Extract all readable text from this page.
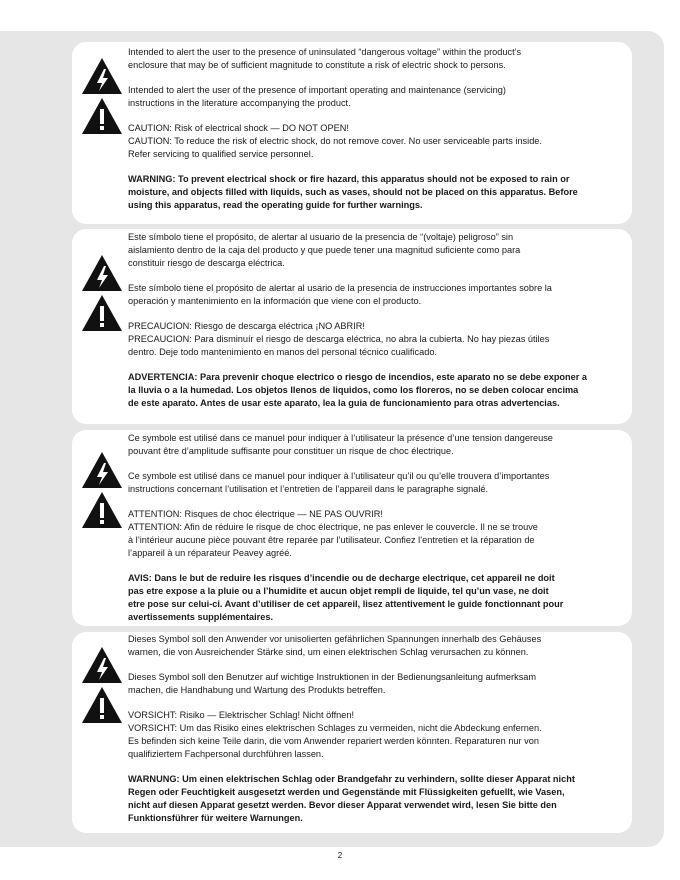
Intended to alert the user to the presence of uninsulated “dangerous voltage” within the product’s
enclosure that may be of sufficient magnitude to constitute a risk of electric shock to persons.

Intended to alert the user of the presence of important operating and maintenance (servicing)
instructions in the literature accompanying the product.

CAUTION: Risk of electrical shock — DO NOT OPEN!
CAUTION: To reduce the risk of electric shock, do not remove cover. No user serviceable parts inside.
Refer servicing to qualified service personnel.

WARNING: To prevent electrical shock or fire hazard, this apparatus should not be exposed to rain or
moisture, and objects filled with liquids, such as vases, should not be placed on this apparatus. Before
using this apparatus, read the operating guide for further warnings.

Este símbolo tiene el propósito, de alertar al usuario de la presencia de “(voltaje) peligroso” sin
aislamiento dentro de la caja del producto y que puede tener una magnitud suficiente como para
constituir riesgo de descarga eléctrica.

Este símbolo tiene el propósito de alertar al usario de la presencia de instrucciones importantes sobre la
operación y mantenimiento en la información que viene con el producto.

PRECAUCION: Riesgo de descarga eléctrica ¡NO ABRIR!
PRECAUCION: Para disminuír el riesgo de descarga eléctrica, no abra la cubierta. No hay piezas útiles
dentro. Deje todo mantenimiento en manos del personal técnico cualificado.

ADVERTENCIA: Para prevenir choque electrico o riesgo de incendios, este aparato no se debe exponer a
la lluvia o a la humedad. Los objetos llenos de liquidos, como los floreros, no se deben colocar encima
de este aparato. Antes de usar este aparato, lea la guia de funcionamiento para otras advertencias.

Ce symbole est utilisé dans ce manuel pour indiquer à l’utilisateur la présence d’une tension dangereuse
pouvant être d’amplitude suffisante pour constituer un risque de choc électrique.

Ce symbole est utilisé dans ce manuel pour indiquer à l’utilisateur qu’il ou qu’elle trouvera d’importantes
instructions concernant l’utilisation et l’entretien de l’appareil dans le paragraphe signalé.

ATTENTION: Risques de choc électrique — NE PAS OUVRIR!
ATTENTION: Afin de réduire le risque de choc électrique, ne pas enlever le couvercle. Il ne se trouve
à l’intérieur aucune pièce pouvant être reparée par l’utilisateur. Confiez l’entretien et la réparation de
l’appareil à un réparateur Peavey agréé.

AVIS: Dans le but de reduire les risques d’incendie ou de decharge electrique, cet appareil ne doit
pas etre expose a la pluie ou a l’humidite et aucun objet rempli de liquide, tel qu’un vase, ne doit
etre pose sur celui-ci. Avant d’utiliser de cet appareil, lisez attentivement le guide fonctionnant pour
avertissements supplémentaires.

Dieses Symbol soll den Anwender vor unisolierten gefährlichen Spannungen innerhalb des Gehäuses
warnen, die von Ausreichender Stärke sind, um einen elektrischen Schlag verursachen zu können.

Dieses Symbol soll den Benutzer auf wichtige Instruktionen in der Bedienungsanleitung aufmerksam
machen, die Handhabung und Wartung des Produkts betreffen.

VORSICHT: Risiko — Elektrischer Schlag! Nicht öffnen!
VORSICHT: Um das Risiko eines elektrischen Schlages zu vermeiden, nicht die Abdeckung enfernen.
Es befinden sich keine Teile darin, die vom Anwender repariert werden könnten. Reparaturen nur von
qualifiziertem Fachpersonal durchführen lassen.

WARNUNG: Um einen elektrischen Schlag oder Brandgefahr zu verhindern, sollte dieser Apparat nicht
Regen oder Feuchtigkeit ausgesetzt werden und Gegenstände mit Flüssigkeiten gefuellt, wie Vasen,
nicht auf diesen Apparat gesetzt werden. Bevor dieser Apparat verwendet wird, lesen Sie bitte den
Funktionsführer für weitere Warnungen.

2
